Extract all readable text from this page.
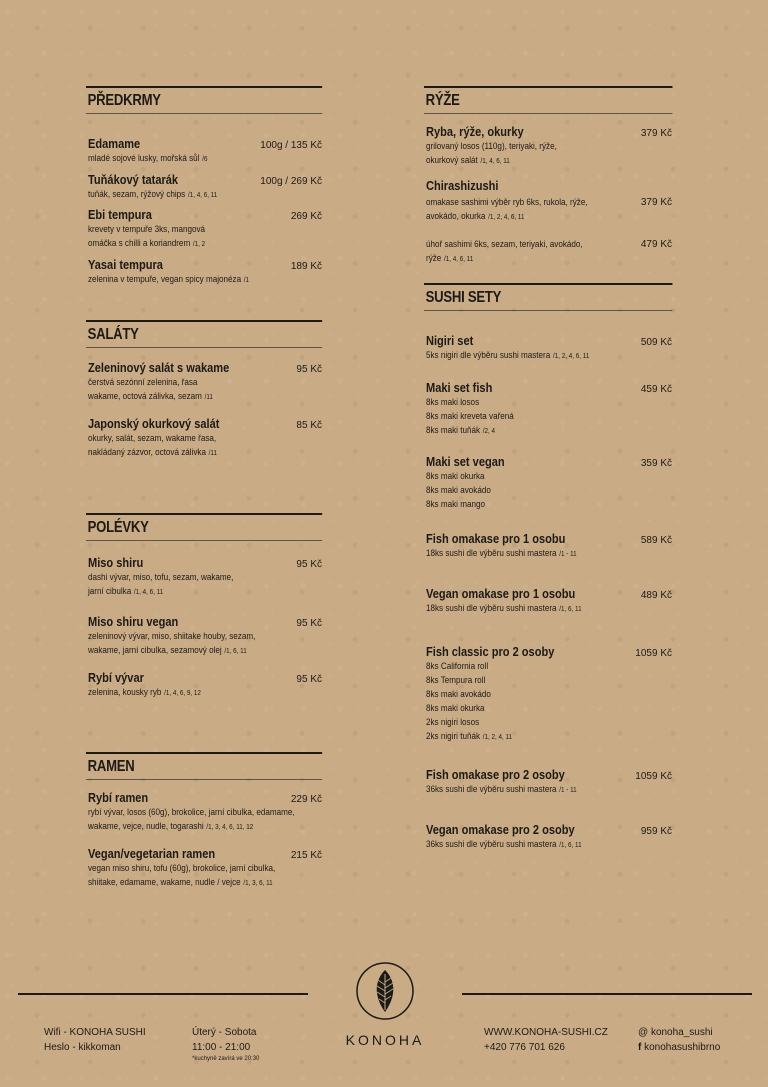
PŘEDKRMY
Edamame	100g / 135 Kč
mladé sojové lusky, mořská sůl /6
Tuňákový tatarák	100g / 269 Kč
tuňák, sezam, rýžový chips /1, 4, 6, 11
Ebi tempura	269 Kč
krevety v tempuře 3ks, mangová
omáčka s chilli a koriandrem /1, 2
Yasai tempura	189 Kč
zelenina v tempuře, vegan spicy majonéza /1
SALÁTY
Zeleninový salát s wakame	95 Kč
čerstvá sezónní zelenina, řasa
wakame, octová zálivka, sezam /11
Japonský okurkový salát	85 Kč
okurky, salát, sezam, wakame řasa,
nakládaný zázvor, octová zálivka /11
POLÉVKY
Miso shiru	95 Kč
dashi vývar, miso, tofu, sezam, wakame,
jarní cibulka /1, 4, 6, 11
Miso shiru vegan	95 Kč
zeleninový vývar, miso, shiitake houby, sezam,
wakame, jarní cibulka, sezamový olej /1, 6, 11
Rybí vývar	95 Kč
zelenina, kousky ryb /1, 4, 6, 9, 12
RAMEN
Rybí ramen	229 Kč
rybí vývar, losos (60g), brokolice, jarní cibulka, edamame,
wakame, vejce, nudle, togarashi /1, 3, 4, 6, 11, 12
Vegan/vegetarian ramen	215 Kč
vegan miso shiru, tofu (60g), brokolice, jarní cibulka,
shiitake, edamame, wakame, nudle / vejce /1, 3, 6, 11
RÝŽE
Ryba, rýže, okurky	379 Kč
grilovaný losos (110g), teriyaki, rýže,
okurkový salát /1, 4, 6, 11
Chirashizushi
omakase sashimi výběr ryb 6ks, rukola, rýže,	379 Kč
avokádo, okurka /1, 2, 4, 6, 11
úhoř sashimi 6ks, sezam, teriyaki, avokádo,	479 Kč
rýže /1, 4, 6, 11
SUSHI SETY
Nigiri set	509 Kč
5ks nigiri dle výběru sushi mastera /1, 2, 4, 6, 11
Maki set fish	459 Kč
8ks maki losos
8ks maki kreveta vařená
8ks maki tuňák /2, 4
Maki set vegan	359 Kč
8ks maki okurka
8ks maki avokádo
8ks maki mango
Fish omakase pro 1 osobu	589 Kč
18ks sushi dle výběru sushi mastera /1 - 11
Vegan omakase pro 1 osobu	489 Kč
18ks sushi dle výběru sushi mastera /1, 6, 11
Fish classic pro 2 osoby	1059 Kč
8ks California roll
8ks Tempura roll
8ks maki avokádo
8ks maki okurka
2ks nigiri losos
2ks nigiri tuňák /1, 2, 4, 11
Fish omakase pro 2 osoby	1059 Kč
36ks sushi dle výběru sushi mastera /1 - 11
Vegan omakase pro 2 osoby	959 Kč
36ks sushi dle výběru sushi mastera /1, 6, 11
KONOHA
Wifi - KONOHA SUSHI
Heslo - kikkoman
Úterý - Sobota
11:00 - 21:00
*kuchyně zavírá ve 20:30
WWW.KONOHA-SUSHI.CZ
+420 776 701 626
@ konoha_sushi
f konohasushibrno
